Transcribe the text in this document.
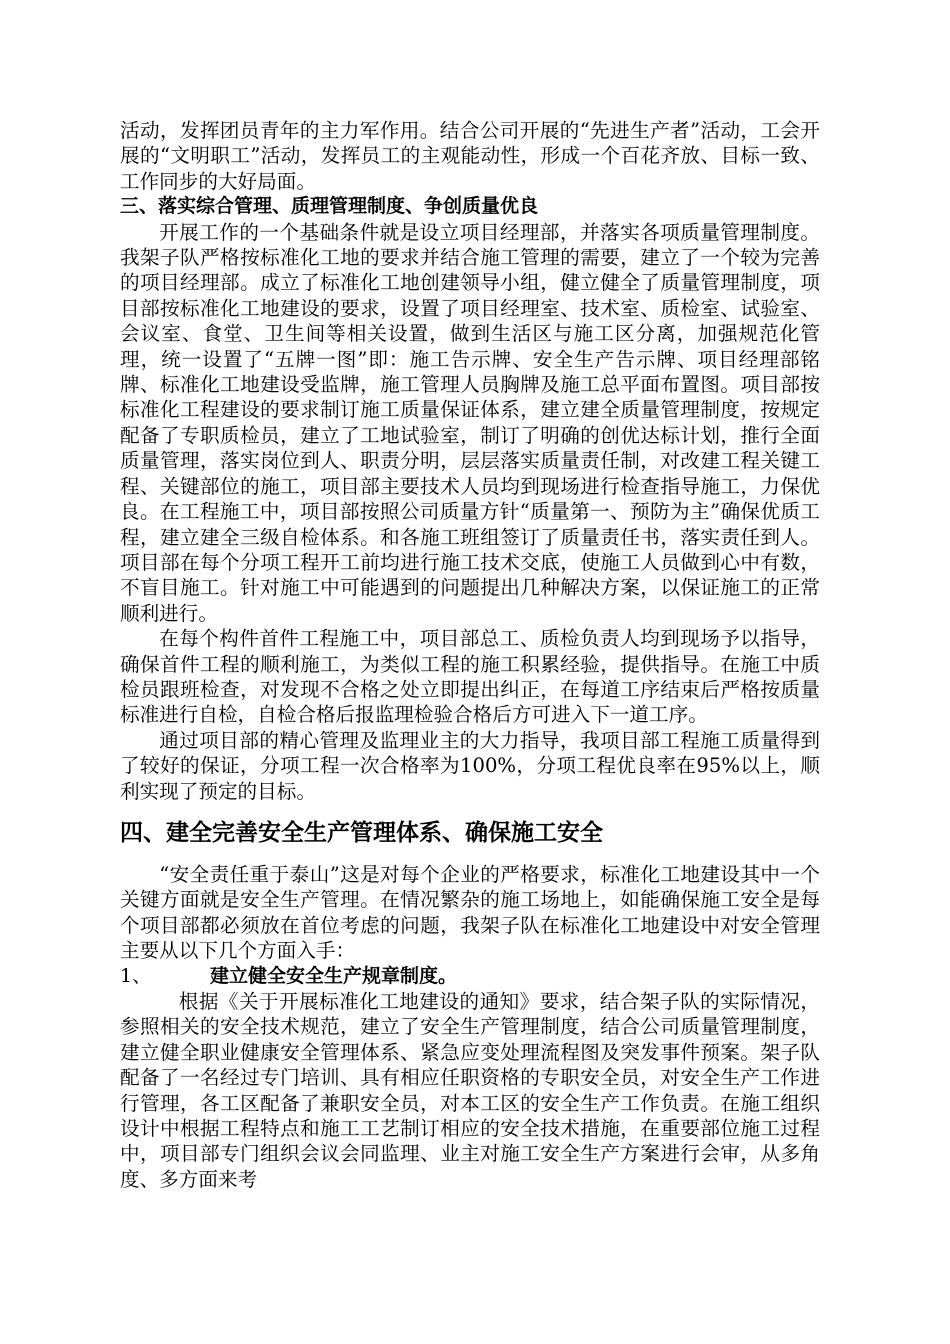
活动，发挥团员青年的主力军作用。结合公司开展的“先进生产者”活动，工会开展的“文明职工”活动，发挥员工的主观能动性，形成一个百花齐放、目标一致、工作同步的大好局面。

三、落实综合管理、质理管理制度、争创质量优良

开展工作的一个基础条件就是设立项目经理部，并落实各项质量管理制度。我架子队严格按标准化工地的要求并结合施工管理的需要，建立了一个较为完善的项目经理部。成立了标准化工地创建领导小组，健立健全了质量管理制度，项目部按标准化工地建设的要求，设置了项目经理室、技术室、质检室、试验室、会议室、食堂、卫生间等相关设置，做到生活区与施工区分离，加强规范化管理，统一设置了“五牌一图”即：施工告示牌、安全生产告示牌、项目经理部铭牌、标准化工地建设受监牌，施工管理人员胸牌及施工总平面布置图。项目部按标准化工程建设的要求制订施工质量保证体系，建立建全质量管理制度，按规定配备了专职质检员，建立了工地试验室，制订了明确的创优达标计划，推行全面质量管理，落实岗位到人、职责分明，层层落实质量责任制，对改建工程关键工程、关键部位的施工，项目部主要技术人员均到现场进行检查指导施工，力保优良。在工程施工中，项目部按照公司质量方针“质量第一、预防为主”确保优质工程，建立建全三级自检体系。和各施工班组签订了质量责任书，落实责任到人。项目部在每个分项工程开工前均进行施工技术交底，使施工人员做到心中有数，不盲目施工。针对施工中可能遇到的问题提出几种解决方案，以保证施工的正常顺利进行。

在每个构件首件工程施工中，项目部总工、质检负责人均到现场予以指导，确保首件工程的顺利施工，为类似工程的施工积累经验，提供指导。在施工中质检员跟班检查，对发现不合格之处立即提出纠正，在每道工序结束后严格按质量标准进行自检，自检合格后报监理检验合格后方可进入下一道工序。

通过项目部的精心管理及监理业主的大力指导，我项目部工程施工质量得到了较好的保证，分项工程一次合格率为100%，分项工程优良率在95%以上，顺利实现了预定的目标。

四、建全完善安全生产管理体系、确保施工安全

“安全责任重于泰山”这是对每个企业的严格要求，标准化工地建设其中一个关键方面就是安全生产管理。在情况繁杂的施工场地上，如能确保施工安全是每个项目部都必须放在首位考虑的问题，我架子队在标准化工地建设中对安全管理主要从以下几个方面入手：

1、	建立健全安全生产规章制度。

根据《关于开展标准化工地建设的通知》要求，结合架子队的实际情况，参照相关的安全技术规范，建立了安全生产管理制度，结合公司质量管理制度，建立健全职业健康安全管理体系、紧急应变处理流程图及突发事件预案。架子队配备了一名经过专门培训、具有相应任职资格的专职安全员，对安全生产工作进行管理，各工区配备了兼职安全员，对本工区的安全生产工作负责。在施工组织设计中根据工程特点和施工工艺制订相应的安全技术措施，在重要部位施工过程中，项目部专门组织会议会同监理、业主对施工安全生产方案进行会审，从多角度、多方面来考
